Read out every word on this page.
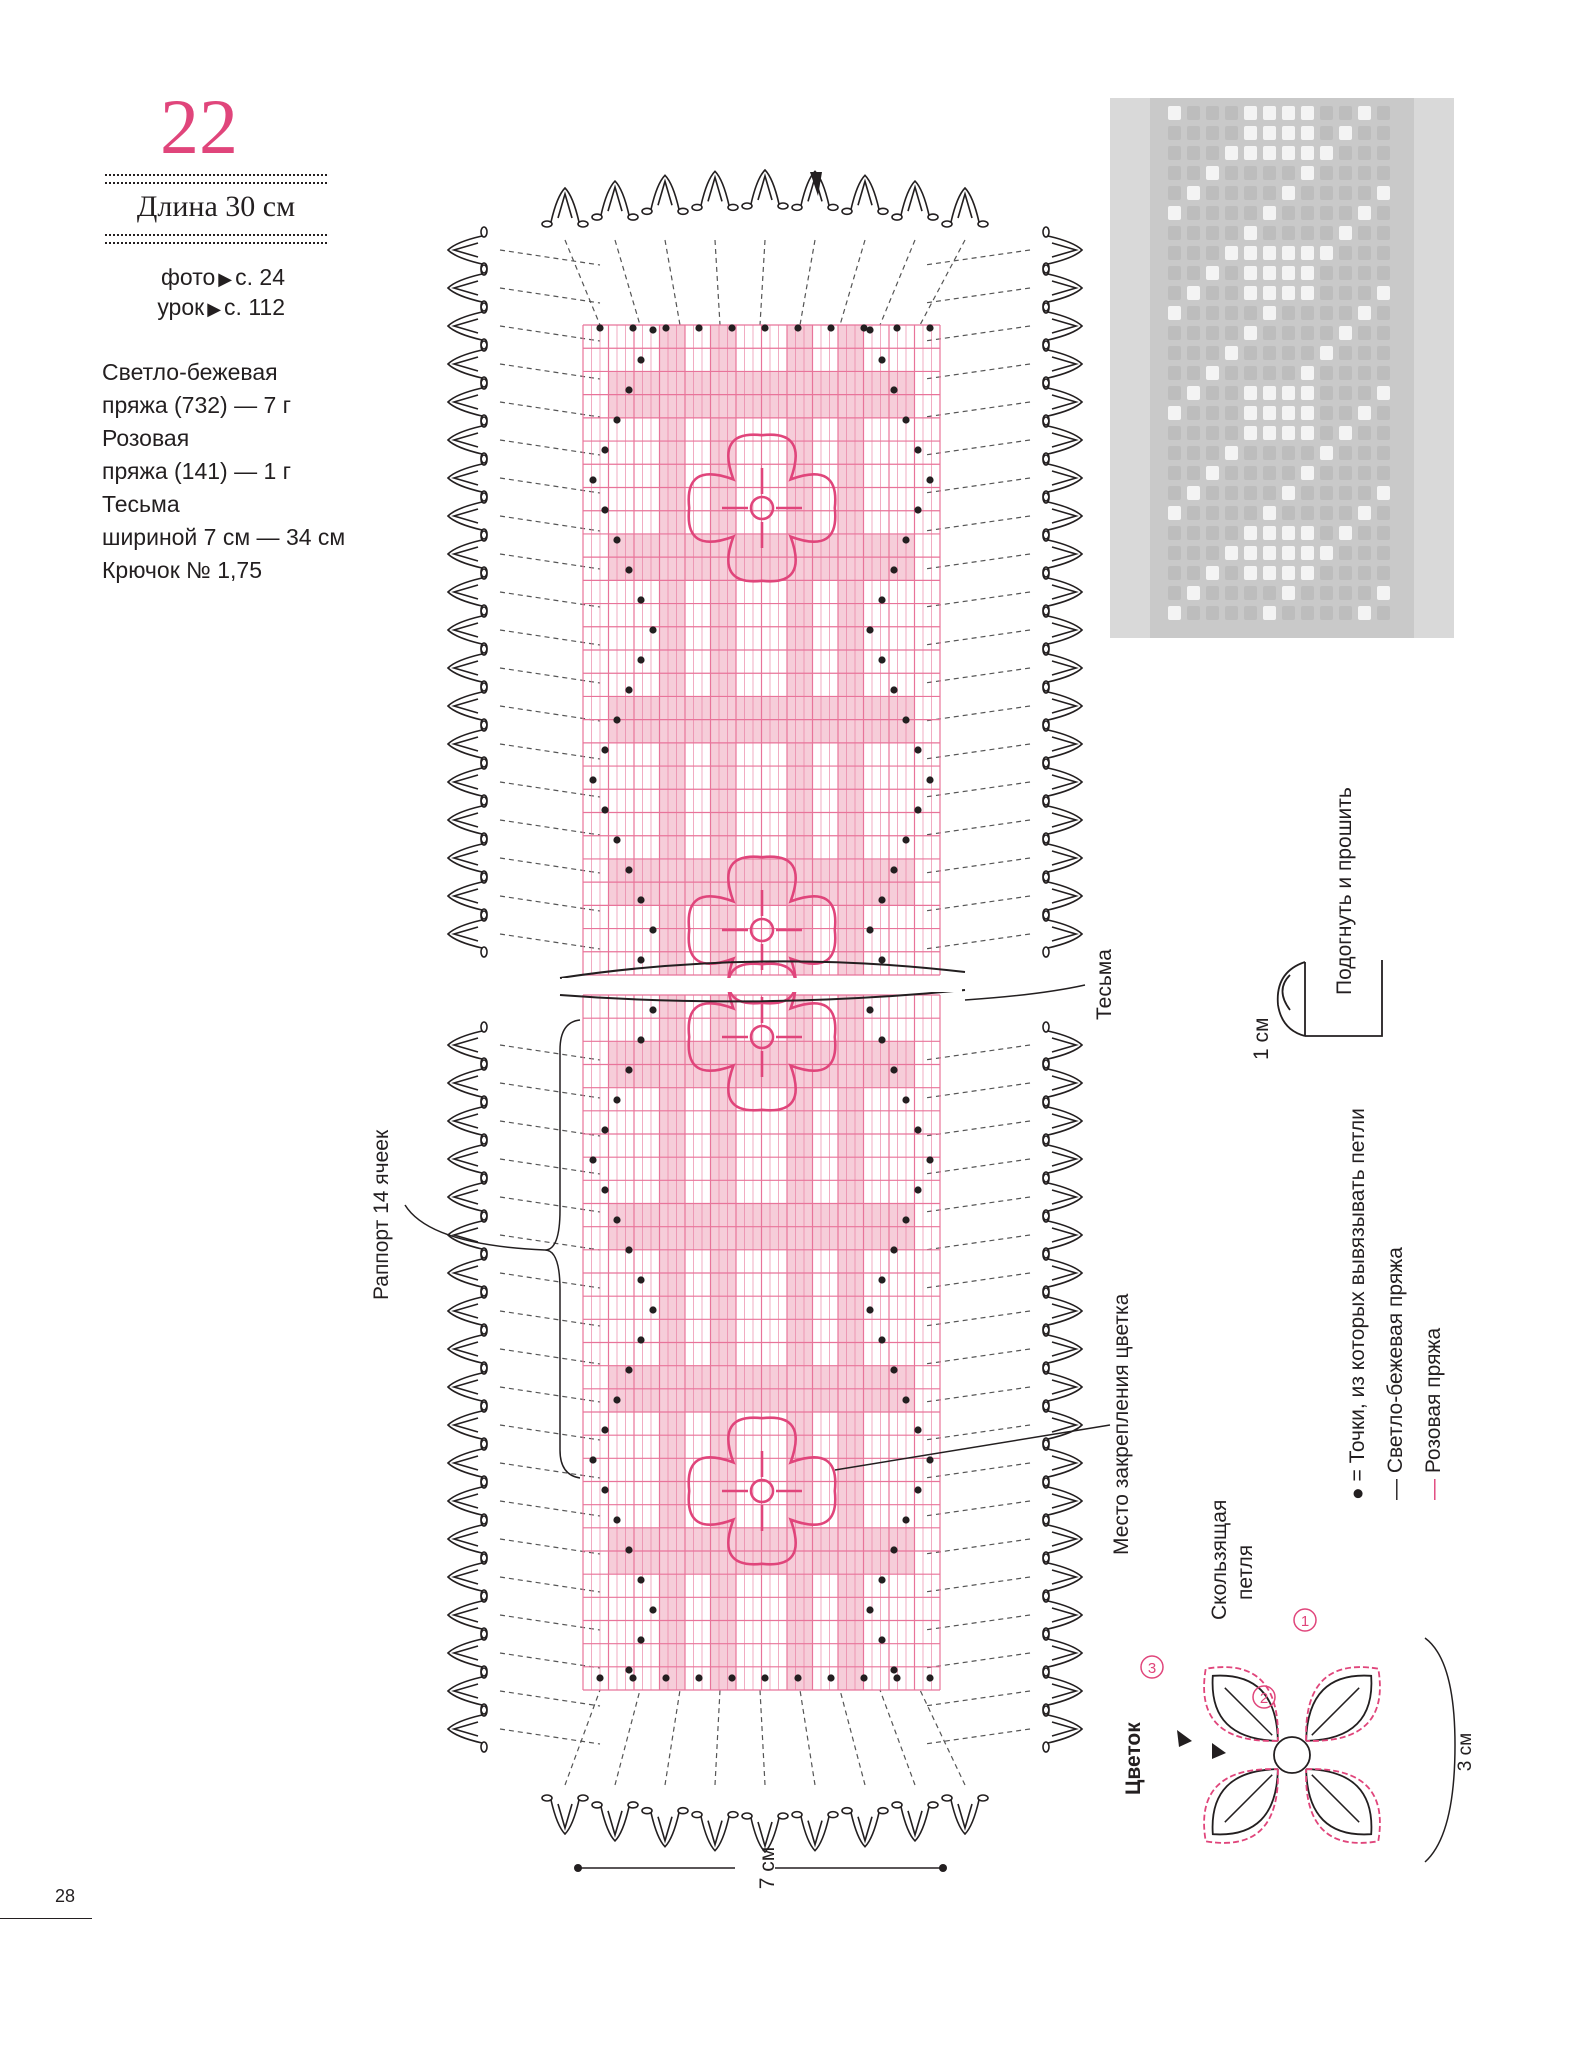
22
Длина 30 см
фото ▶ с. 24
урок ▶ с. 112
Светло-бежевая
пряжа (732) — 7 г
Розовая
пряжа (141) — 1 г
Тесьма
шириной 7 см — 34 см
Крючок № 1,75
7 см
3 см
1
2
3
Раппорт 14 ячеек
Тесьма
Место закрепления цветка
Подогнуть и прошить
1 см
Цветок
Скользящая петля
● = Точки, из которых вывязывать петли
— Светло-бежевая пряжа
— Розовая пряжа
28
